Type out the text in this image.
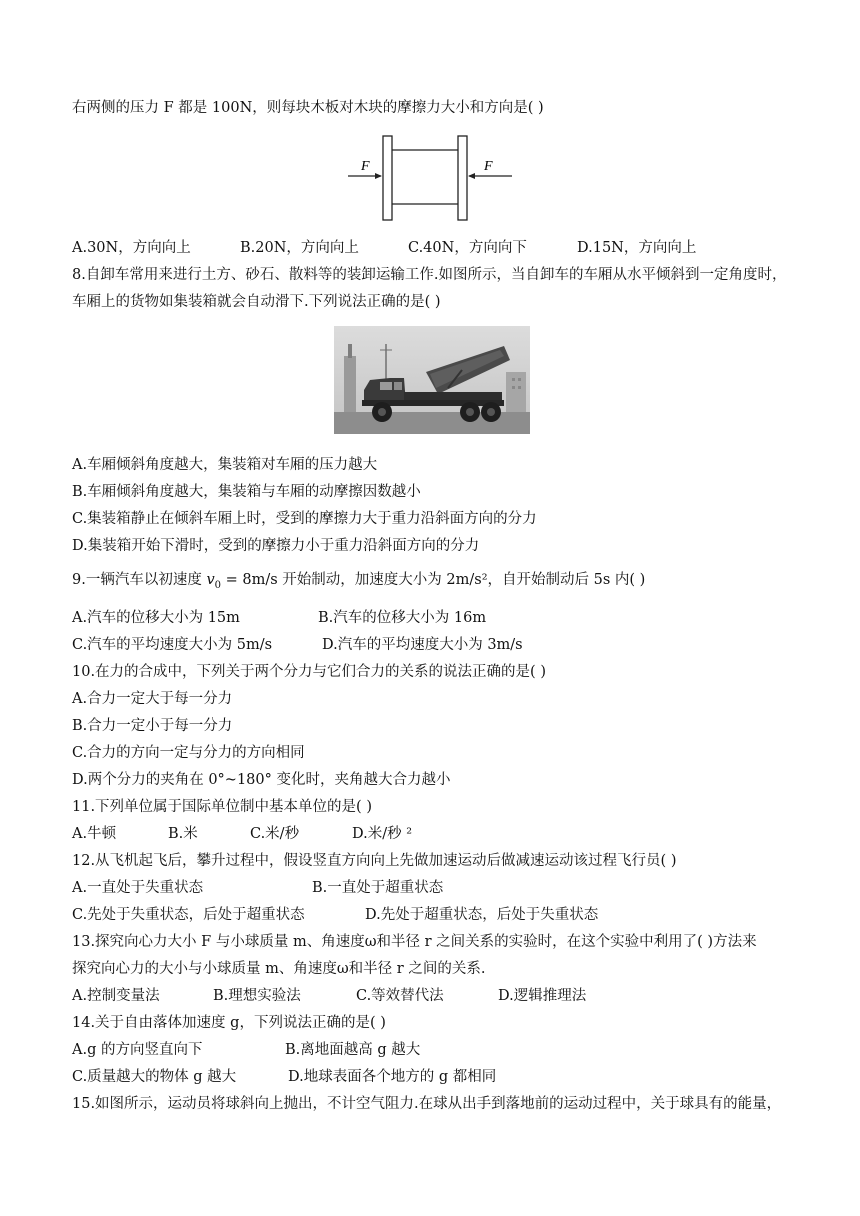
右两侧的压力 F 都是 100N，则每块木板对木块的摩擦力大小和方向是( )
F	F
A.30N，方向向上	B.20N，方向向上	C.40N，方向向下	D.15N，方向向上
8.自卸车常用来进行土方、砂石、散料等的装卸运输工作.如图所示，当自卸车的车厢从水平倾斜到一定角度时，
车厢上的货物如集装箱就会自动滑下.下列说法正确的是( )
A.车厢倾斜角度越大，集装箱对车厢的压力越大
B.车厢倾斜角度越大，集装箱与车厢的动摩擦因数越小
C.集装箱静止在倾斜车厢上时，受到的摩擦力大于重力沿斜面方向的分力
D.集装箱开始下滑时，受到的摩擦力小于重力沿斜面方向的分力
9.一辆汽车以初速度 $v_0 = 8m/s$ 开始制动，加速度大小为 2m/s²，自开始制动后 5s 内( )
A.汽车的位移大小为 15m	B.汽车的位移大小为 16m
C.汽车的平均速度大小为 5m/s	D.汽车的平均速度大小为 3m/s
10.在力的合成中，下列关于两个分力与它们合力的关系的说法正确的是( )
A.合力一定大于每一分力
B.合力一定小于每一分力
C.合力的方向一定与分力的方向相同
D.两个分力的夹角在 0°~180° 变化时，夹角越大合力越小
11.下列单位属于国际单位制中基本单位的是( )
A.牛顿	B.米	C.米/秒	D.米/秒 ²
12.从飞机起飞后，攀升过程中，假设竖直方向向上先做加速运动后做减速运动该过程飞行员( )
A.一直处于失重状态	B.一直处于超重状态
C.先处于失重状态，后处于超重状态	D.先处于超重状态，后处于失重状态
13.探究向心力大小 F 与小球质量 m、角速度ω和半径 r 之间关系的实验时，在这个实验中利用了( )方法来
探究向心力的大小与小球质量 m、角速度ω和半径 r 之间的关系.
A.控制变量法	B.理想实验法	C.等效替代法	D.逻辑推理法
14.关于自由落体加速度 g，下列说法正确的是( )
A.g 的方向竖直向下	B.离地面越高 g 越大
C.质量越大的物体 g 越大	D.地球表面各个地方的 g 都相同
15.如图所示，运动员将球斜向上抛出，不计空气阻力.在球从出手到落地前的运动过程中，关于球具有的能量，
